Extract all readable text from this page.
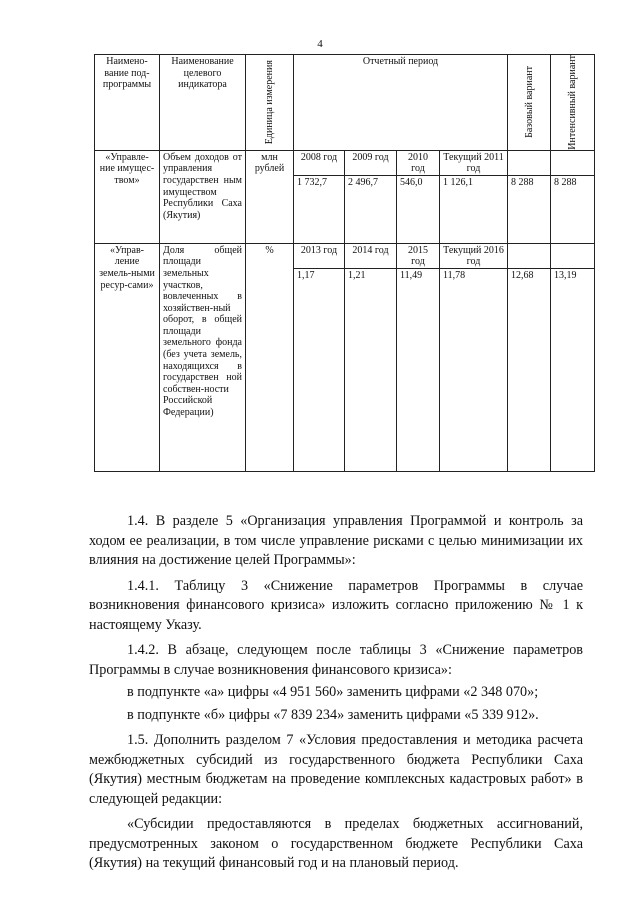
4
Наимено-вание под-программы	Наименование целевого индикатора	Единица измерения	Отчетный период				Базовый вариант	Интенсивный вариант

«Управле-ние имущес-твом»	Объем доходов от управления государствен ным имуществом Республики Саха (Якутия)	млн рублей	2008 год	2009 год	2010 год	Текущий 2011 год		
			1 732,7	2 496,7	546,0	1 126,1	8 288	8 288
«Управ-ление земель-ными ресур-сами»	Доля общей площади земельных участков, вовлеченных в хозяйствен-ный оборот, в общей площади земельного фонда (без учета земель, находящихся в государствен ной собствен-ности Российской Федерации)	%	2013 год	2014 год	2015 год	Текущий 2016 год		
			1,17	1,21	11,49	11,78	12,68	13,19

1.4. В разделе 5 «Организация управления Программой и контроль за ходом ее реализации, в том числе управление рисками с целью минимизации их влияния на достижение целей Программы»:

1.4.1. Таблицу 3 «Снижение параметров Программы в случае возникновения финансового кризиса» изложить согласно приложению № 1 к настоящему Указу.

1.4.2. В абзаце, следующем после таблицы 3 «Снижение параметров Программы в случае возникновения финансового кризиса»:

в подпункте «а» цифры «4 951 560» заменить цифрами «2 348 070»;

в подпункте «б» цифры «7 839 234» заменить цифрами «5 339 912».

1.5. Дополнить разделом 7 «Условия предоставления и методика расчета межбюджетных субсидий из государственного бюджета Республики Саха (Якутия) местным бюджетам на проведение комплексных кадастровых работ» в следующей редакции:

«Субсидии предоставляются в пределах бюджетных ассигнований, предусмотренных законом о государственном бюджете Республики Саха (Якутия) на текущий финансовый год и на плановый период.
